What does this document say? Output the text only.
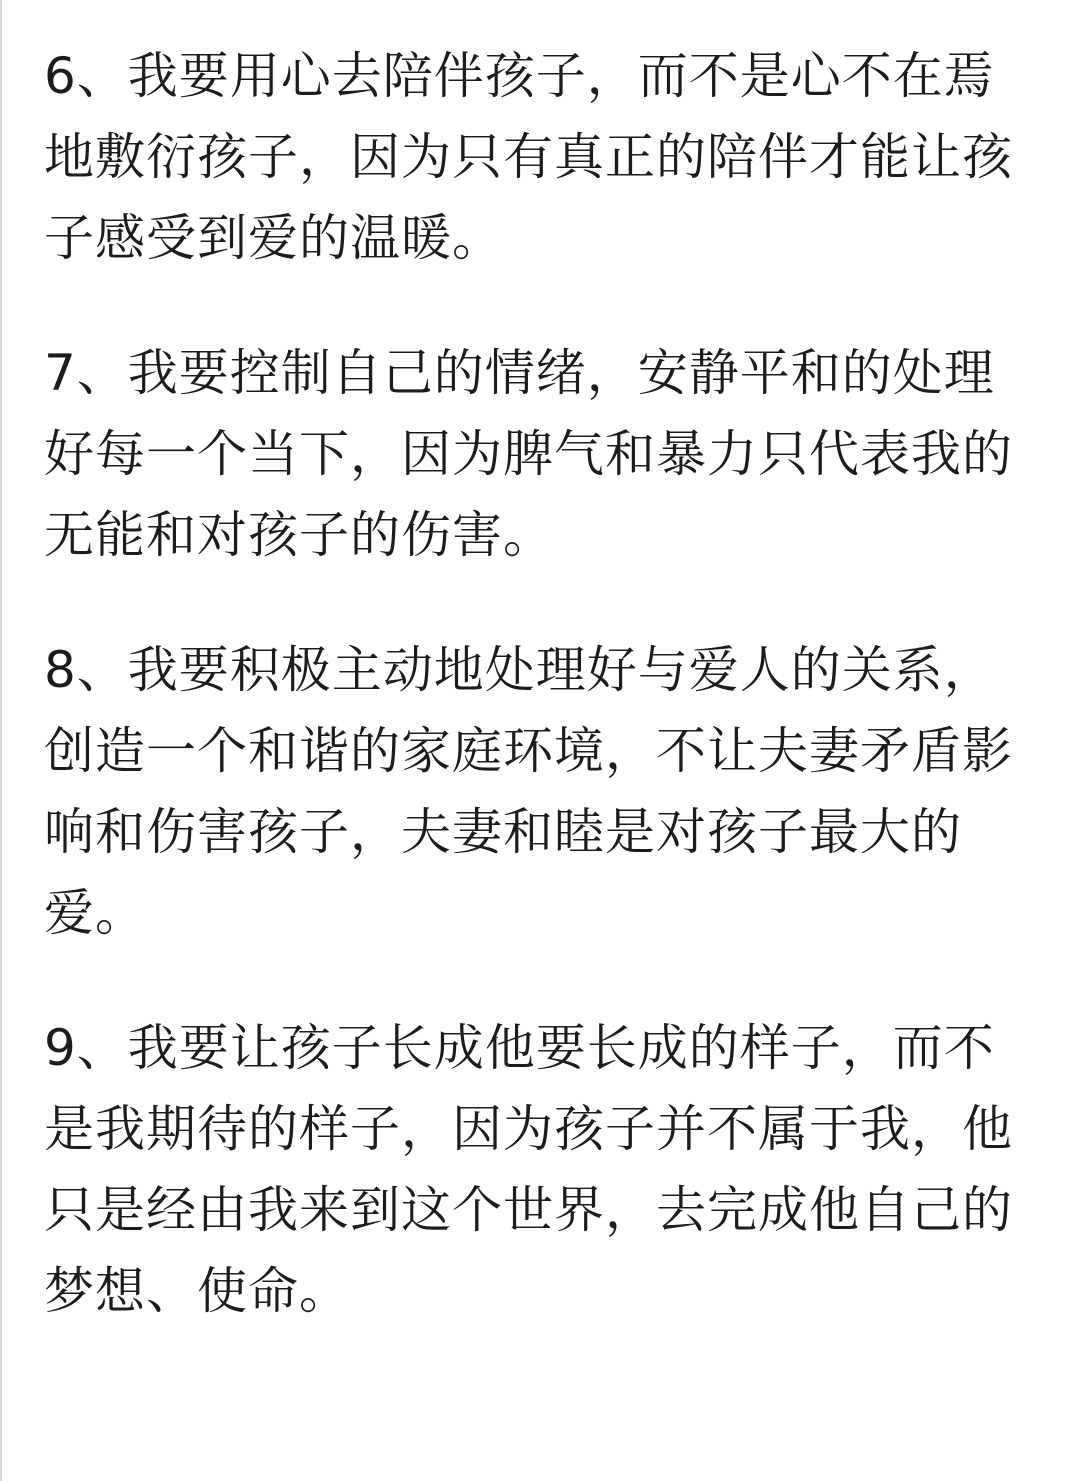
6、我要用心去陪伴孩子，而不是心不在焉
地敷衍孩子，因为只有真正的陪伴才能让孩
子感受到爱的温暖。
7、我要控制自己的情绪，安静平和的处理
好每一个当下，因为脾气和暴力只代表我的
无能和对孩子的伤害。
8、我要积极主动地处理好与爱人的关系，
创造一个和谐的家庭环境，不让夫妻矛盾影
响和伤害孩子，夫妻和睦是对孩子最大的
爱。
9、我要让孩子长成他要长成的样子，而不
是我期待的样子，因为孩子并不属于我，他
只是经由我来到这个世界，去完成他自己的
梦想、使命。
